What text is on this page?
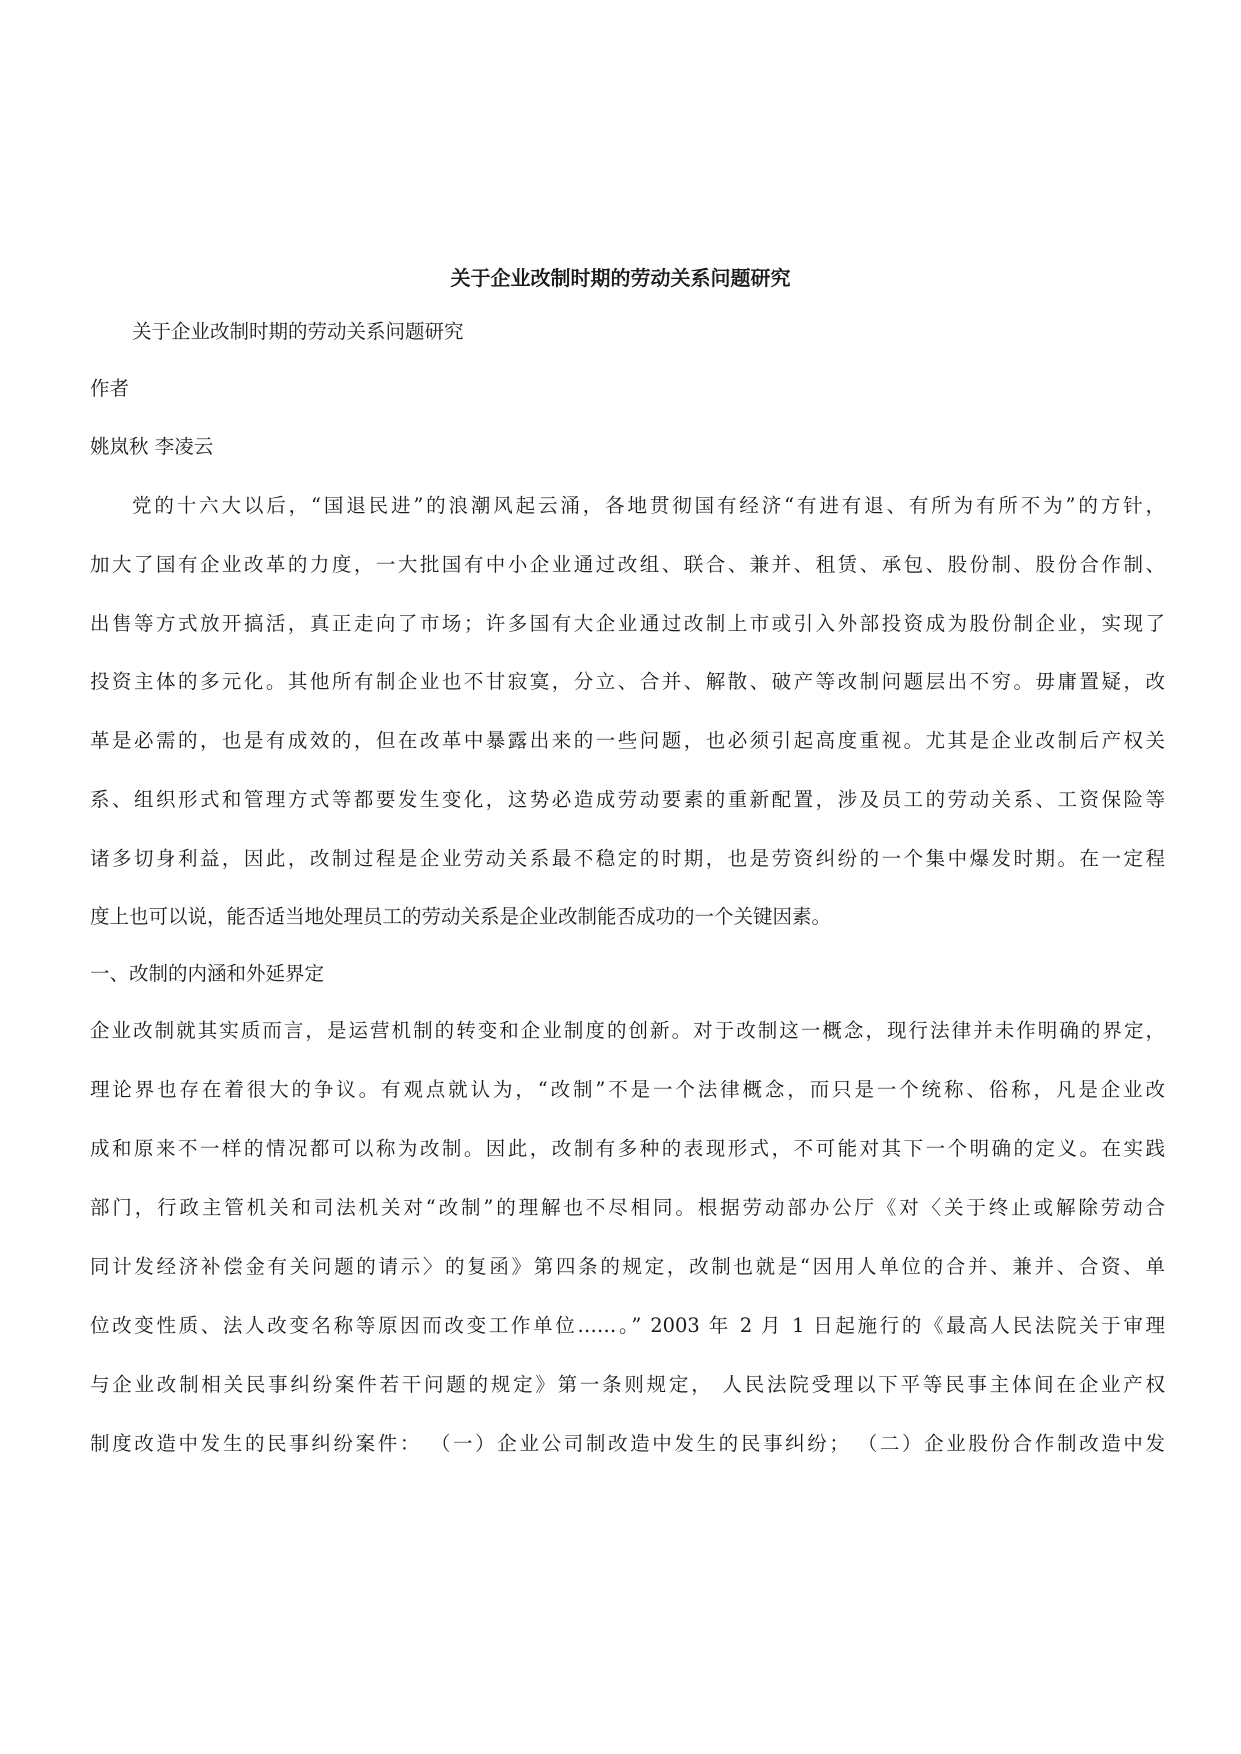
关于企业改制时期的劳动关系问题研究
关于企业改制时期的劳动关系问题研究
作者
姚岚秋 李凌云
党的十六大以后，“国退民进”的浪潮风起云涌，各地贯彻国有经济“有进有退、有所为有所不为”的方针，
加大了国有企业改革的力度，一大批国有中小企业通过改组、联合、兼并、租赁、承包、股份制、股份合作制、
出售等方式放开搞活，真正走向了市场；许多国有大企业通过改制上市或引入外部投资成为股份制企业，实现了
投资主体的多元化。其他所有制企业也不甘寂寞，分立、合并、解散、破产等改制问题层出不穷。毋庸置疑，改
革是必需的，也是有成效的，但在改革中暴露出来的一些问题，也必须引起高度重视。尤其是企业改制后产权关
系、组织形式和管理方式等都要发生变化，这势必造成劳动要素的重新配置，涉及员工的劳动关系、工资保险等
诸多切身利益，因此，改制过程是企业劳动关系最不稳定的时期，也是劳资纠纷的一个集中爆发时期。在一定程
度上也可以说，能否适当地处理员工的劳动关系是企业改制能否成功的一个关键因素。
一、改制的内涵和外延界定
企业改制就其实质而言，是运营机制的转变和企业制度的创新。对于改制这一概念，现行法律并未作明确的界定，
理论界也存在着很大的争议。有观点就认为，“改制”不是一个法律概念，而只是一个统称、俗称，凡是企业改
成和原来不一样的情况都可以称为改制。因此，改制有多种的表现形式，不可能对其下一个明确的定义。在实践
部门，行政主管机关和司法机关对“改制”的理解也不尽相同。根据劳动部办公厅《对〈关于终止或解除劳动合
同计发经济补偿金有关问题的请示〉的复函》第四条的规定，改制也就是“因用人单位的合并、兼并、合资、单
位改变性质、法人改变名称等原因而改变工作单位……。” 2003 年 2 月 1 日起施行的《最高人民法院关于审理
与企业改制相关民事纠纷案件若干问题的规定》第一条则规定， 人民法院受理以下平等民事主体间在企业产权
制度改造中发生的民事纠纷案件： （一）企业公司制改造中发生的民事纠纷； （二）企业股份合作制改造中发
